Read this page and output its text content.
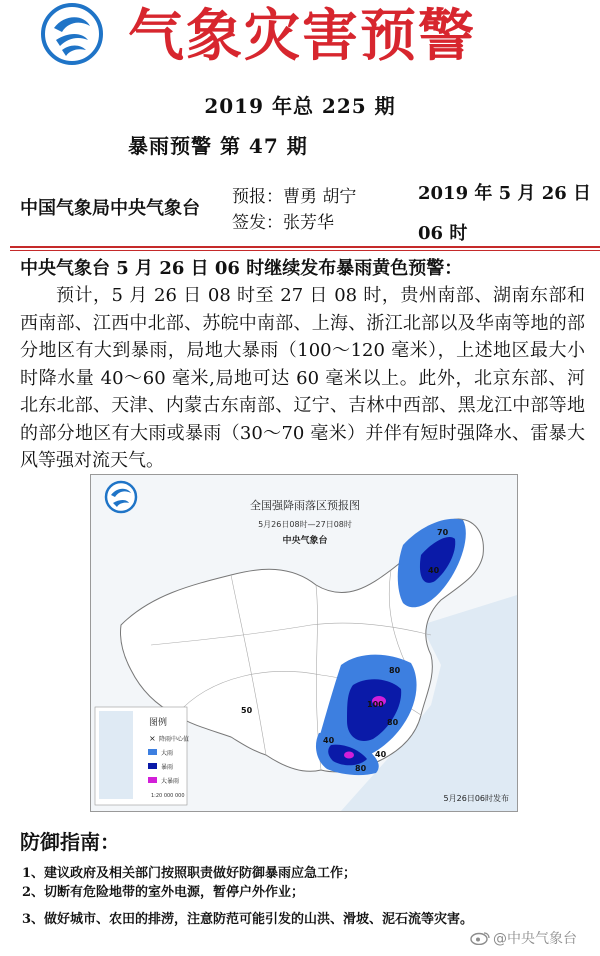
气象灾害预警
2019 年总 225 期
暴雨预警 第 47 期
中国气象局中央气象台
预报：曹勇 胡宁
签发：张芳华
2019 年 5 月 26 日 06 时
中央气象台 5 月 26 日 06 时继续发布暴雨黄色预警：
预计，5 月 26 日 08 时至 27 日 08 时，贵州南部、湖南东部和西南部、江西中北部、苏皖中南部、上海、浙江北部以及华南等地的部分地区有大到暴雨，局地大暴雨（100～120 毫米），上述地区最大小时降水量 40～60 毫米,局地可达 60 毫米以上。此外，北京东部、河北东北部、天津、内蒙古东南部、辽宁、吉林中西部、黑龙江中部等地的部分地区有大雨或暴雨（30～70 毫米）并伴有短时强降水、雷暴大风等强对流天气。
70
40
50
80
100
40
80
80
40
全国强降雨落区预报图
5月26日08时—27日08时
中央气象台
图例
× 降雨中心值
大雨
暴雨
大暴雨
1:20 000 000	5月26日06时发布
防御指南：
1、建议政府及相关部门按照职责做好防御暴雨应急工作；
2、切断有危险地带的室外电源，暂停户外作业；
3、做好城市、农田的排涝，注意防范可能引发的山洪、滑坡、泥石流等灾害。
@中央气象台
